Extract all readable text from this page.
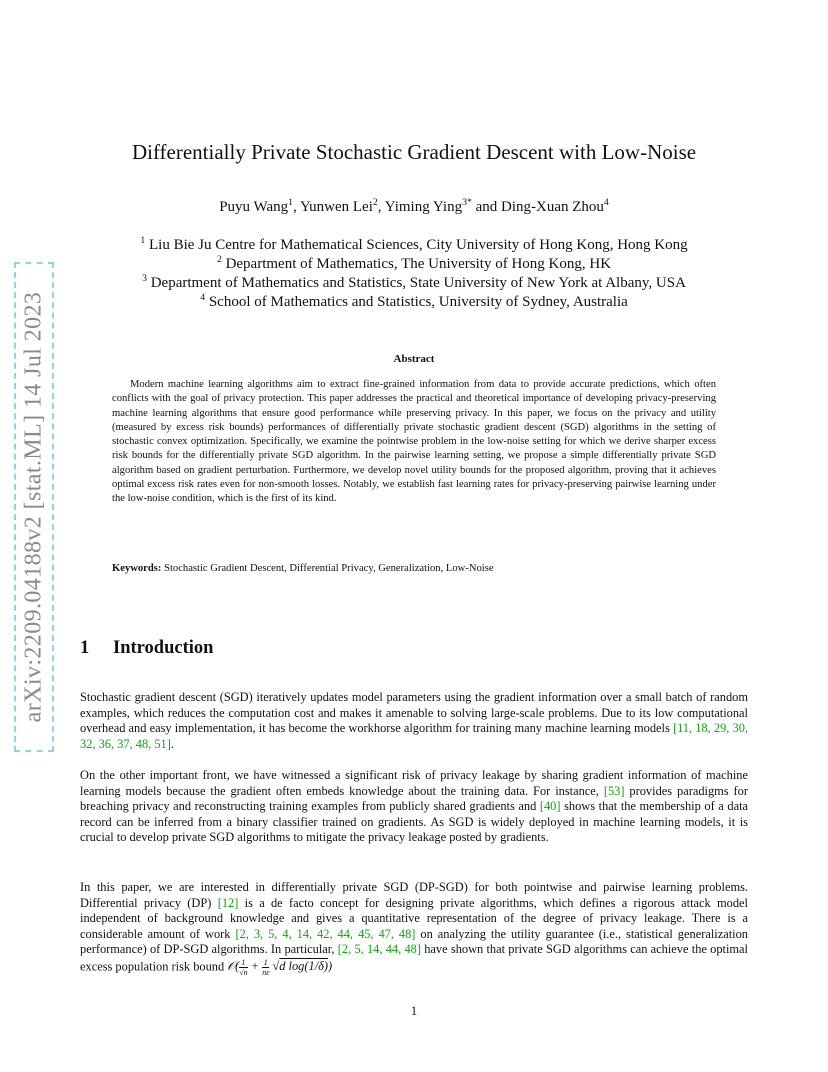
arXiv:2209.04188v2 [stat.ML] 14 Jul 2023
Differentially Private Stochastic Gradient Descent with Low-Noise
Puyu Wang$^1$, Yunwen Lei$^2$, Yiming Ying$^{3*}$ and Ding-Xuan Zhou$^4$
$^1$ Liu Bie Ju Centre for Mathematical Sciences, City University of Hong Kong, Hong Kong
$^2$ Department of Mathematics, The University of Hong Kong, HK
$^3$ Department of Mathematics and Statistics, State University of New York at Albany, USA
$^4$ School of Mathematics and Statistics, University of Sydney, Australia
Abstract
Modern machine learning algorithms aim to extract fine-grained information from data to provide accurate predictions, which often conflicts with the goal of privacy protection. This paper addresses the practical and theoretical importance of developing privacy-preserving machine learning algorithms that ensure good performance while preserving privacy. In this paper, we focus on the privacy and utility (measured by excess risk bounds) performances of differentially private stochastic gradient descent (SGD) algorithms in the setting of stochastic convex optimization. Specifically, we examine the pointwise problem in the low-noise setting for which we derive sharper excess risk bounds for the differentially private SGD algorithm. In the pairwise learning setting, we propose a simple differentially private SGD algorithm based on gradient perturbation. Furthermore, we develop novel utility bounds for the proposed algorithm, proving that it achieves optimal excess risk rates even for non-smooth losses. Notably, we establish fast learning rates for privacy-preserving pairwise learning under the low-noise condition, which is the first of its kind.
Keywords: Stochastic Gradient Descent, Differential Privacy, Generalization, Low-Noise
1 Introduction
Stochastic gradient descent (SGD) iteratively updates model parameters using the gradient information over a small batch of random examples, which reduces the computation cost and makes it amenable to solving large-scale problems. Due to its low computational overhead and easy implementation, it has become the workhorse algorithm for training many machine learning models [11, 18, 29, 30, 32, 36, 37, 48, 51].
On the other important front, we have witnessed a significant risk of privacy leakage by sharing gradient information of machine learning models because the gradient often embeds knowledge about the training data. For instance, [53] provides paradigms for breaching privacy and reconstructing training examples from publicly shared gradients and [40] shows that the membership of a data record can be inferred from a binary classifier trained on gradients. As SGD is widely deployed in machine learning models, it is crucial to develop private SGD algorithms to mitigate the privacy leakage posted by gradients.
In this paper, we are interested in differentially private SGD (DP-SGD) for both pointwise and pairwise learning problems. Differential privacy (DP) [12] is a de facto concept for designing private algorithms, which defines a rigorous attack model independent of background knowledge and gives a quantitative representation of the degree of privacy leakage. There is a considerable amount of work [2, 3, 5, 4, 14, 42, 44, 45, 47, 48] on analyzing the utility guarantee (i.e., statistical generalization performance) of DP-SGD algorithms. In particular, [2, 5, 14, 44, 48] have shown that private SGD algorithms can achieve the optimal excess population risk bound 𝒪( $\frac{1}{√n} + \frac{1}{n\varepsilon} √d$ log(1/δ))
1
